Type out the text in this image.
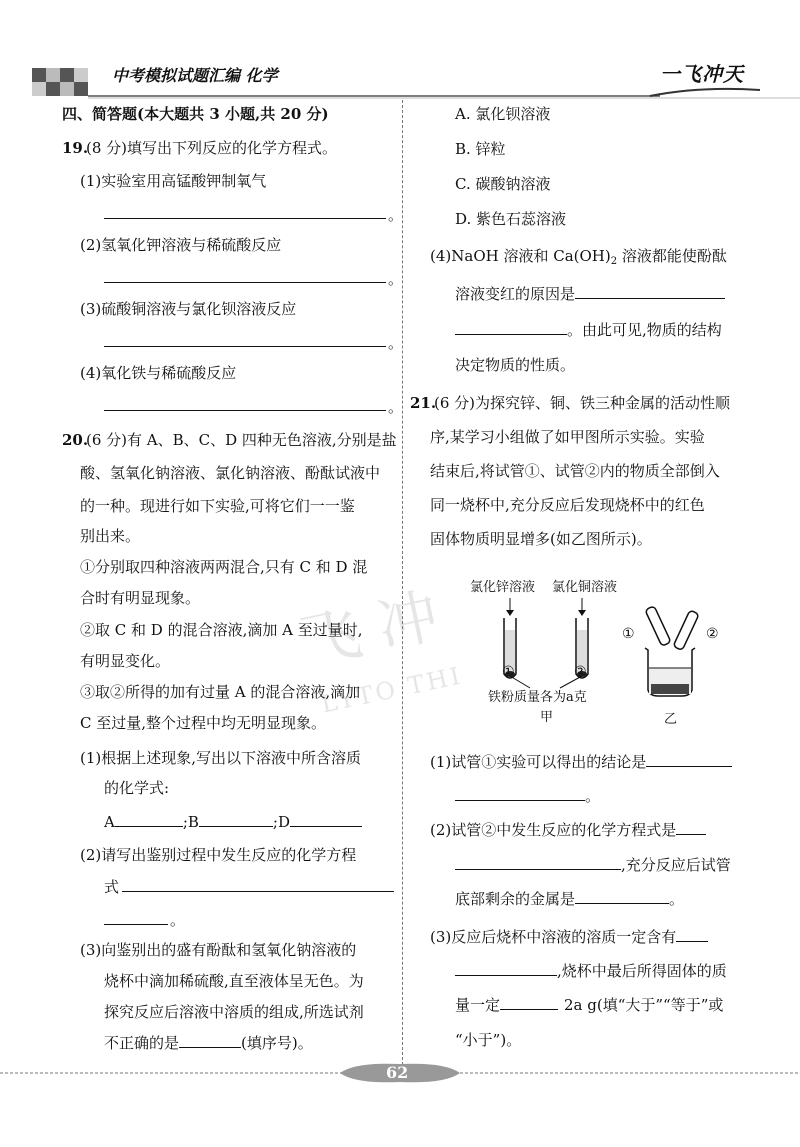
中考模拟试题汇编 化学	一飞冲天
飞 冲
LYTO THI
四、简答题(本大题共 3 小题,共 20 分)
19.
(8 分)填写出下列反应的化学方程式。
(1)实验室用高锰酸钾制氧气
。
(2)氢氧化钾溶液与稀硫酸反应
。
(3)硫酸铜溶液与氯化钡溶液反应
。
(4)氧化铁与稀硫酸反应
。
20.
(6 分)有 A、B、C、D 四种无色溶液,分别是盐
酸、氢氧化钠溶液、氯化钠溶液、酚酞试液中
的一种。现进行如下实验,可将它们一一鉴
别出来。
①分别取四种溶液两两混合,只有 C 和 D 混
合时有明显现象。
②取 C 和 D 的混合溶液,滴加 A 至过量时,
有明显变化。
③取②所得的加有过量 A 的混合溶液,滴加
C 至过量,整个过程中均无明显现象。
(1)根据上述现象,写出以下溶液中所含溶质
的化学式:
A	;B	;D
(2)请写出鉴别过程中发生反应的化学方程
式
。
(3)向鉴别出的盛有酚酞和氢氧化钠溶液的
烧杯中滴加稀硫酸,直至液体呈无色。为
探究反应后溶液中溶质的组成,所选试剂
不正确的是	(填序号)。
A. 氯化钡溶液
B. 锌粒
C. 碳酸钠溶液
D. 紫色石蕊溶液
(4)NaOH 溶液和 $Ca(OH)_2$ 溶液都能使酚酞
溶液变红的原因是
。由此可见,物质的结构
决定物质的性质。
21.
(6 分)为探究锌、铜、铁三种金属的活动性顺
序,某学习小组做了如甲图所示实验。实验
结束后,将试管①、试管②内的物质全部倒入
同一烧杯中,充分反应后发现烧杯中的红色
固体物质明显增多(如乙图所示)。
氯化锌溶液 氯化铜溶液
①	②
①	②
铁粉质量各为a克
甲	乙
(1)试管①实验可以得出的结论是
。
(2)试管②中发生反应的化学方程式是
,充分反应后试管
底部剩余的金属是	。
(3)反应后烧杯中溶液的溶质一定含有
,烧杯中最后所得固体的质
量一定	2a g(填“大于”“等于”或
“小于”)。
62
